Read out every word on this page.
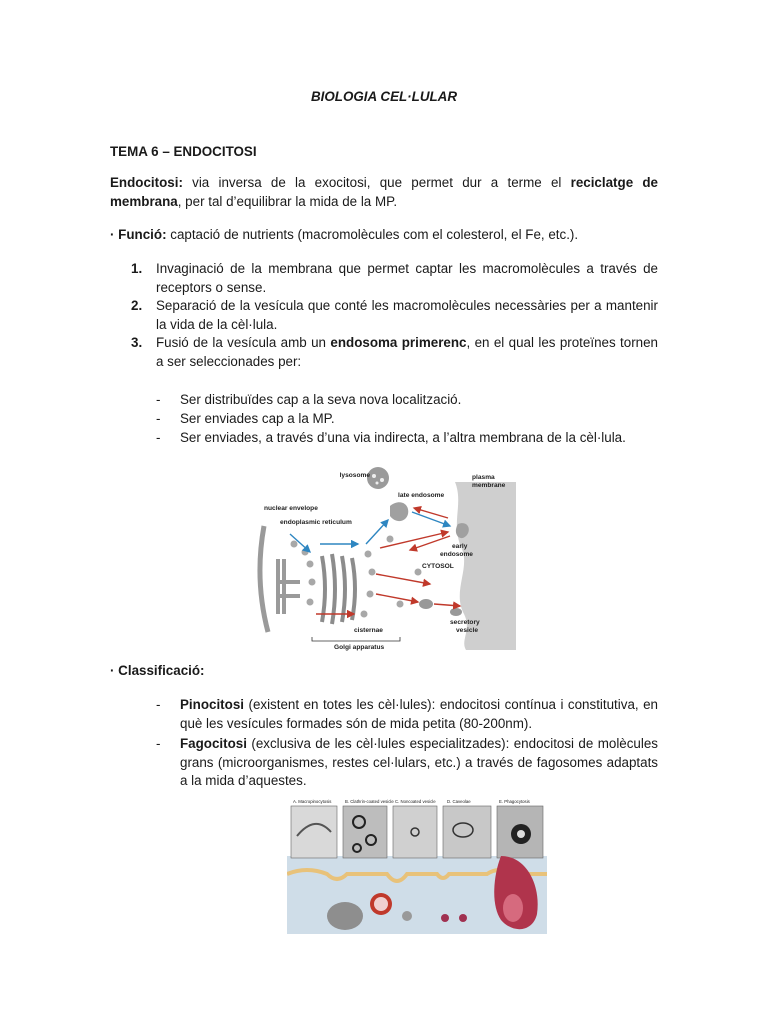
BIOLOGIA CEL·LULAR
TEMA 6 – ENDOCITOSI
Endocitosi: via inversa de la exocitosi, que permet dur a terme el reciclatge de membrana, per tal d’equilibrar la mida de la MP.
· Funció: captació de nutrients (macromolècules com el colesterol, el Fe, etc.).
1. Invaginació de la membrana que permet captar les macromolècules a través de receptors o sense.
2. Separació de la vesícula que conté les macromolècules necessàries per a mantenir la vida de la cèl·lula.
3. Fusió de la vesícula amb un endosoma primerenc, en el qual les proteïnes tornen a ser seleccionades per:
- Ser distribuïdes cap a la seva nova localització.
- Ser enviades cap a la MP.
- Ser enviades, a través d’una via indirecta, a l’altra membrana de la cèl·lula.
lysosome	plasma
membrane
late endosome
nuclear envelope
endoplasmic reticulum
early
endosome
CYTOSOL
cisternae
secretory
vesicle
Golgi apparatus
· Classificació:
- Pinocitosi (existent en totes les cèl·lules): endocitosi contínua i constitutiva, en què les vesícules formades són de mida petita (80-200nm).
- Fagocitosi (exclusiva de les cèl·lules especialitzades): endocitosi de molècules grans (microorganismes, restes cel·lulars, etc.) a través de fagosomes adaptats a la mida d’aquestes.
A. Macropinocytosis	B. Clathrin-coated vesicle C. Noncoated vesicle	D. Caveolae	E. Phagocytosis
